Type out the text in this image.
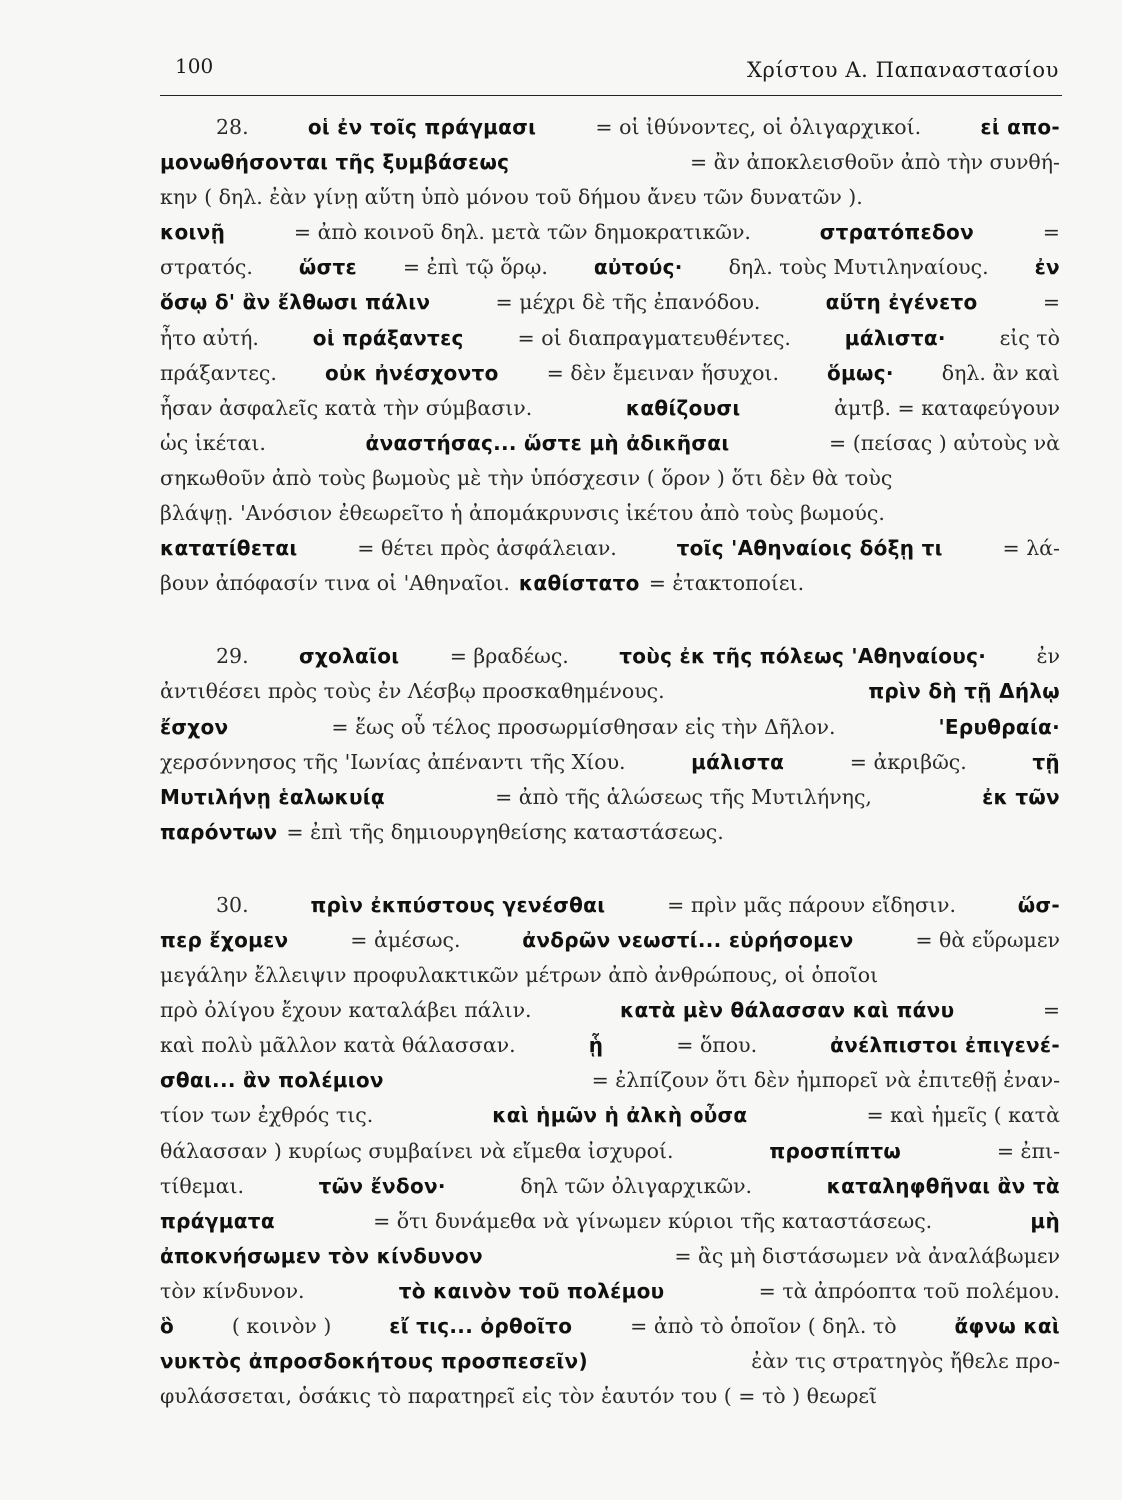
100	Χρίστου Α. Παπαναστασίου
28.	οἱ ἐν τοῖς πράγμασι	= οἱ ἰθύνοντες, οἱ ὀλιγαρχικοί.	εἰ απο-
μονωθήσονται τῆς ξυμβάσεως	= ἂν ἀποκλεισθοῦν ἀπὸ τὴν συνθή-
κην ( δηλ. ἐὰν γίνῃ αὕτη ὑπὸ μόνου τοῦ δήμου ἄνευ τῶν δυνατῶν ).
κοινῇ	= ἀπὸ κοινοῦ δηλ. μετὰ τῶν δημοκρατικῶν.	στρατόπεδον	=
στρατός. ὥστε = ἐπὶ τῷ ὅρῳ. αὐτούς· δηλ. τοὺς Μυτιληναίους. ἐν
ὅσῳ δ' ἂν ἔλθωσι πάλιν	= μέχρι δὲ τῆς ἐπανόδου.	αὕτη ἐγένετο	=
ἦτο αὐτή.	οἱ πράξαντες	= οἱ διαπραγματευθέντες.	μάλιστα·	εἰς τὸ
πράξαντες. οὐκ ἠνέσχοντο = δὲν ἔμειναν ἥσυχοι. ὅμως· δηλ. ἂν καὶ
ἦσαν ἀσφαλεῖς κατὰ τὴν σύμβασιν.	καθίζουσι	ἀμτβ. = καταφεύγουν
ὡς ἱκέται.	ἀναστήσας... ὥστε μὴ ἀδικῆσαι	= (πείσας ) αὐτοὺς νὰ
σηκωθοῦν ἀπὸ τοὺς βωμοὺς μὲ τὴν ὑπόσχεσιν ( ὅρον ) ὅτι δὲν θὰ τοὺς
βλάψῃ. 'Ανόσιον ἐθεωρεῖτο ἡ ἀπομάκρυνσις ἱκέτου ἀπὸ τοὺς βωμούς.
κατατίθεται	= θέτει πρὸς ἀσφάλειαν.	τοῖς 'Αθηναίοις δόξῃ τι	= λά-
βουν ἀπόφασίν τινα οἱ 'Αθηναῖοι. καθίστατο = ἐτακτοποίει.
29.	σχολαῖοι = βραδέως.	τοὺς ἐκ τῆς πόλεως 'Αθηναίους· ἐν
ἀντιθέσει πρὸς τοὺς ἐν Λέσβῳ προσκαθημένους.	πρὶν δὴ τῇ Δήλῳ
ἔσχον	= ἕως οὗ τέλος προσωρμίσθησαν εἰς τὴν Δῆλον.	'Ερυθραία·
χερσόννησος τῆς 'Ιωνίας ἀπέναντι τῆς Χίου.	μάλιστα	= ἀκριβῶς.	τῇ
Μυτιλήνῃ ἑαλωκυίᾳ	= ἀπὸ τῆς ἁλώσεως τῆς Μυτιλήνης,	ἐκ τῶν
παρόντων = ἐπὶ τῆς δημιουργηθείσης καταστάσεως.
30.	πρὶν ἐκπύστους γενέσθαι	= πρὶν μᾶς πάρουν εἴδησιν.	ὥσ-
περ ἔχομεν	= ἀμέσως.	ἀνδρῶν νεωστί... εὑρήσομεν	= θὰ εὕρωμεν
μεγάλην ἔλλειψιν προφυλακτικῶν μέτρων ἀπὸ ἀνθρώπους, οἱ ὁποῖοι
πρὸ ὀλίγου ἔχουν καταλάβει πάλιν.	κατὰ μὲν θάλασσαν καὶ πάνυ	=
καὶ πολὺ μᾶλλον κατὰ θάλασσαν.	ᾗ	= ὅπου.	ἀνέλπιστοι ἐπιγενέ-
σθαι... ἂν πολέμιον	= ἐλπίζουν ὅτι δὲν ἠμπορεῖ νὰ ἐπιτεθῇ ἐναν-
τίον των ἐχθρός τις.	καὶ ἡμῶν ἡ ἀλκὴ οὖσα	= καὶ ἡμεῖς ( κατὰ
θάλασσαν ) κυρίως συμβαίνει νὰ εἴμεθα ἰσχυροί.	προσπίπτω	= ἐπι-
τίθεμαι.	τῶν ἔνδον·	δηλ τῶν ὀλιγαρχικῶν.	καταληφθῆναι ἂν τὰ
πράγματα	= ὅτι δυνάμεθα νὰ γίνωμεν κύριοι τῆς καταστάσεως.	μὴ
ἀποκνήσωμεν τὸν κίνδυνον	= ἂς μὴ διστάσωμεν νὰ ἀναλάβωμεν
τὸν κίνδυνον.	τὸ καινὸν τοῦ πολέμου	= τὰ ἀπρόοπτα τοῦ πολέμου.
ὃ	( κοινὸν )	εἴ τις... ὀρθοῖτο	= ἀπὸ τὸ ὁποῖον ( δηλ. τὸ	ἄφνω καὶ
νυκτὸς ἀπροσδοκήτους προσπεσεῖν)	ἐὰν τις στρατηγὸς ἤθελε προ-
φυλάσσεται, ὁσάκις τὸ παρατηρεῖ εἰς τὸν ἑαυτόν του ( = τὸ ) θεωρεῖ
